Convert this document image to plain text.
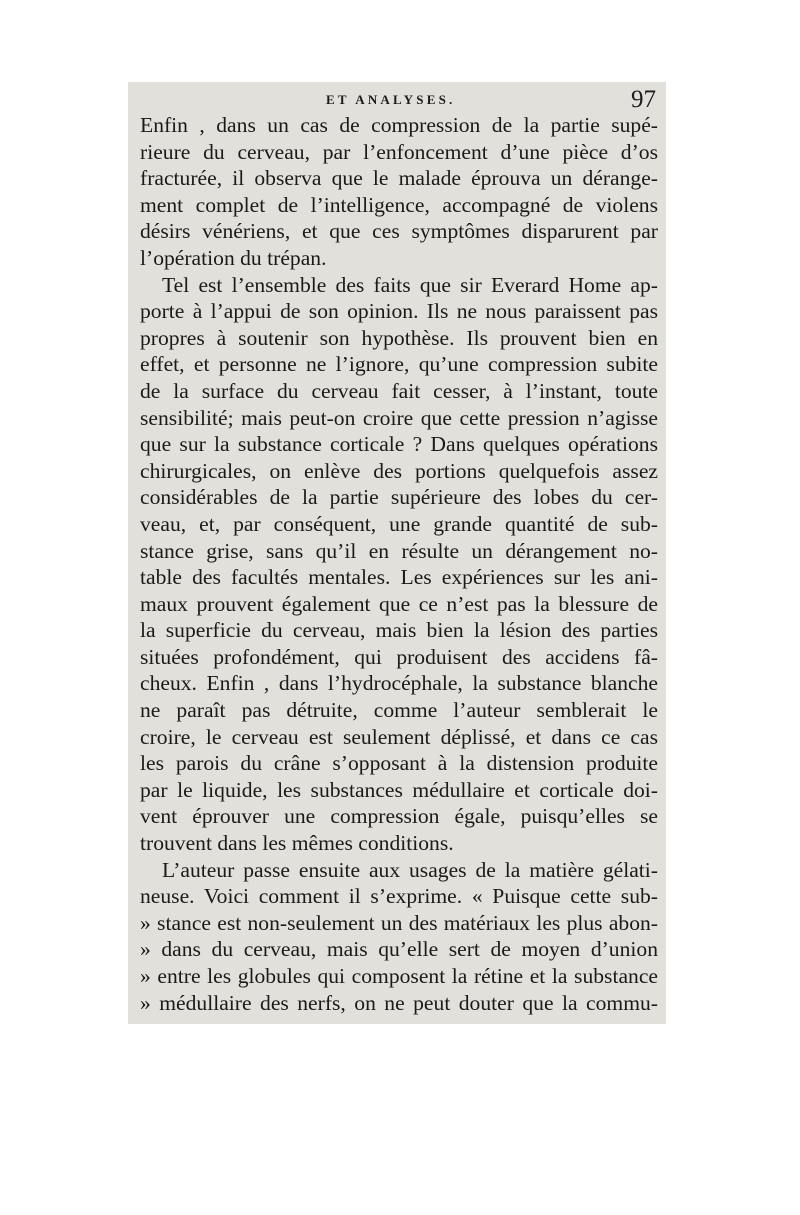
ET ANALYSES.	97
Enfin , dans un cas de compression de la partie supé-
rieure du cerveau, par l’enfoncement d’une pièce d’os
fracturée, il observa que le malade éprouva un dérange-
ment complet de l’intelligence, accompagné de violens
désirs vénériens, et que ces symptômes disparurent par
l’opération du trépan.
Tel est l’ensemble des faits que sir Everard Home ap-
porte à l’appui de son opinion. Ils ne nous paraissent pas
propres à soutenir son hypothèse. Ils prouvent bien en
effet, et personne ne l’ignore, qu’une compression subite
de la surface du cerveau fait cesser, à l’instant, toute
sensibilité; mais peut-on croire que cette pression n’agisse
que sur la substance corticale ? Dans quelques opérations
chirurgicales, on enlève des portions quelquefois assez
considérables de la partie supérieure des lobes du cer-
veau, et, par conséquent, une grande quantité de sub-
stance grise, sans qu’il en résulte un dérangement no-
table des facultés mentales. Les expériences sur les ani-
maux prouvent également que ce n’est pas la blessure de
la superficie du cerveau, mais bien la lésion des parties
situées profondément, qui produisent des accidens fâ-
cheux. Enfin , dans l’hydrocéphale, la substance blanche
ne paraît pas détruite, comme l’auteur semblerait le
croire, le cerveau est seulement déplissé, et dans ce cas
les parois du crâne s’opposant à la distension produite
par le liquide, les substances médullaire et corticale doi-
vent éprouver une compression égale, puisqu’elles se
trouvent dans les mêmes conditions.
L’auteur passe ensuite aux usages de la matière gélati-
neuse. Voici comment il s’exprime. « Puisque cette sub-
» stance est non-seulement un des matériaux les plus abon-
» dans du cerveau, mais qu’elle sert de moyen d’union
» entre les globules qui composent la rétine et la substance
» médullaire des nerfs, on ne peut douter que la commu-
